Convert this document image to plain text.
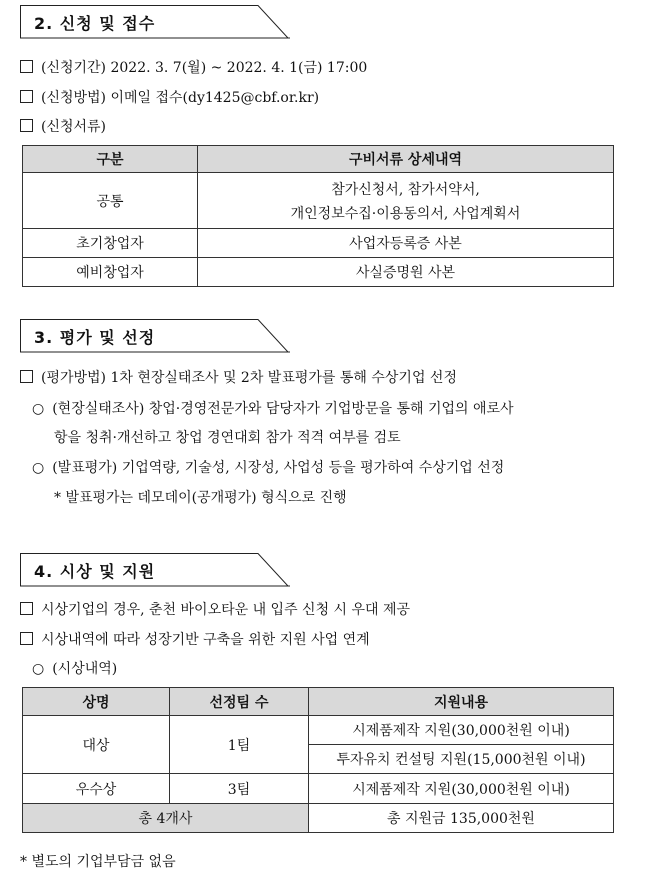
2. 신청 및 접수
(신청기간) 2022. 3. 7(월) ~ 2022. 4. 1(금) 17:00
(신청방법) 이메일 접수(dy1425@cbf.or.kr)
(신청서류)
구분	구비서류 상세내역
공통	참가신청서, 참가서약서,
개인정보수집·이용동의서, 사업계획서

초기창업자	사업자등록증 사본
예비창업자	사실증명원 사본
3. 평가 및 선정
(평가방법) 1차 현장실태조사 및 2차 발표평가를 통해 수상기업 선정
○ (현장실태조사) 창업·경영전문가와 담당자가 기업방문을 통해 기업의 애로사
항을 청취·개선하고 창업 경연대회 참가 적격 여부를 검토
○ (발표평가) 기업역량, 기술성, 시장성, 사업성 등을 평가하여 수상기업 선정
* 발표평가는 데모데이(공개평가) 형식으로 진행
4. 시상 및 지원
시상기업의 경우, 춘천 바이오타운 내 입주 신청 시 우대 제공
시상내역에 따라 성장기반 구축을 위한 지원 사업 연계
○ (시상내역)
상명	선정팀 수	지원내용
대상	1팀	시제품제작 지원(30,000천원 이내)
		투자유치 컨설팅 지원(15,000천원 이내)
우수상	3팀	시제품제작 지원(30,000천원 이내)
총 4개사		총 지원금 135,000천원
* 별도의 기업부담금 없음
